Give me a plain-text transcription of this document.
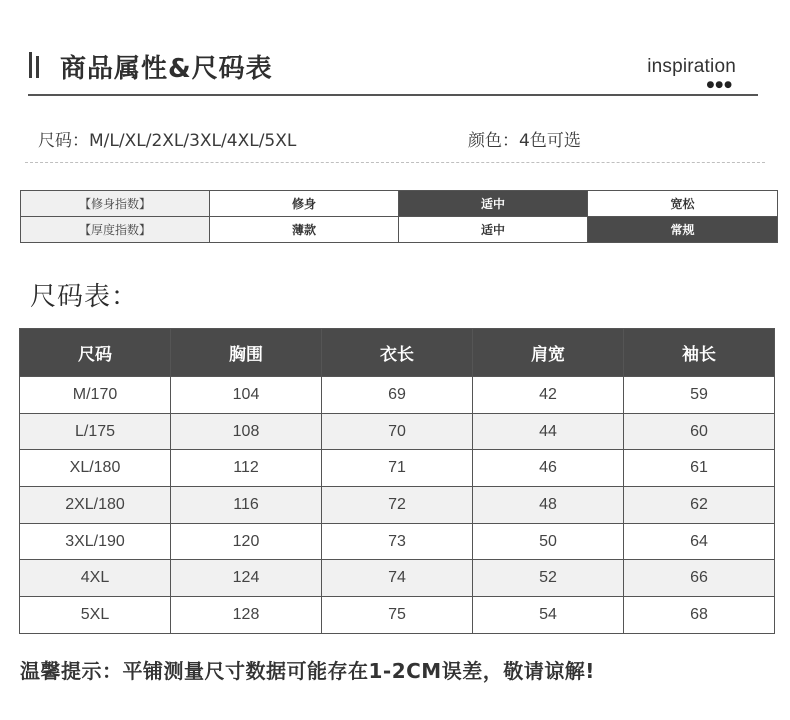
商品属性&尺码表	inspiration
●●●
尺码：M/L/XL/2XL/3XL/4XL/5XL	颜色：4色可选
【修身指数】	修身	适中	宽松
【厚度指数】	薄款	适中	常规
尺码表：
尺码	胸围	衣长	肩宽	袖长
M/170	104	69	42	59
L/175	108	70	44	60
XL/180	112	71	46	61
2XL/180	116	72	48	62
3XL/190	120	73	50	64
4XL	124	74	52	66
5XL	128	75	54	68
温馨提示：平铺测量尺寸数据可能存在1-2CM误差，敬请谅解!
